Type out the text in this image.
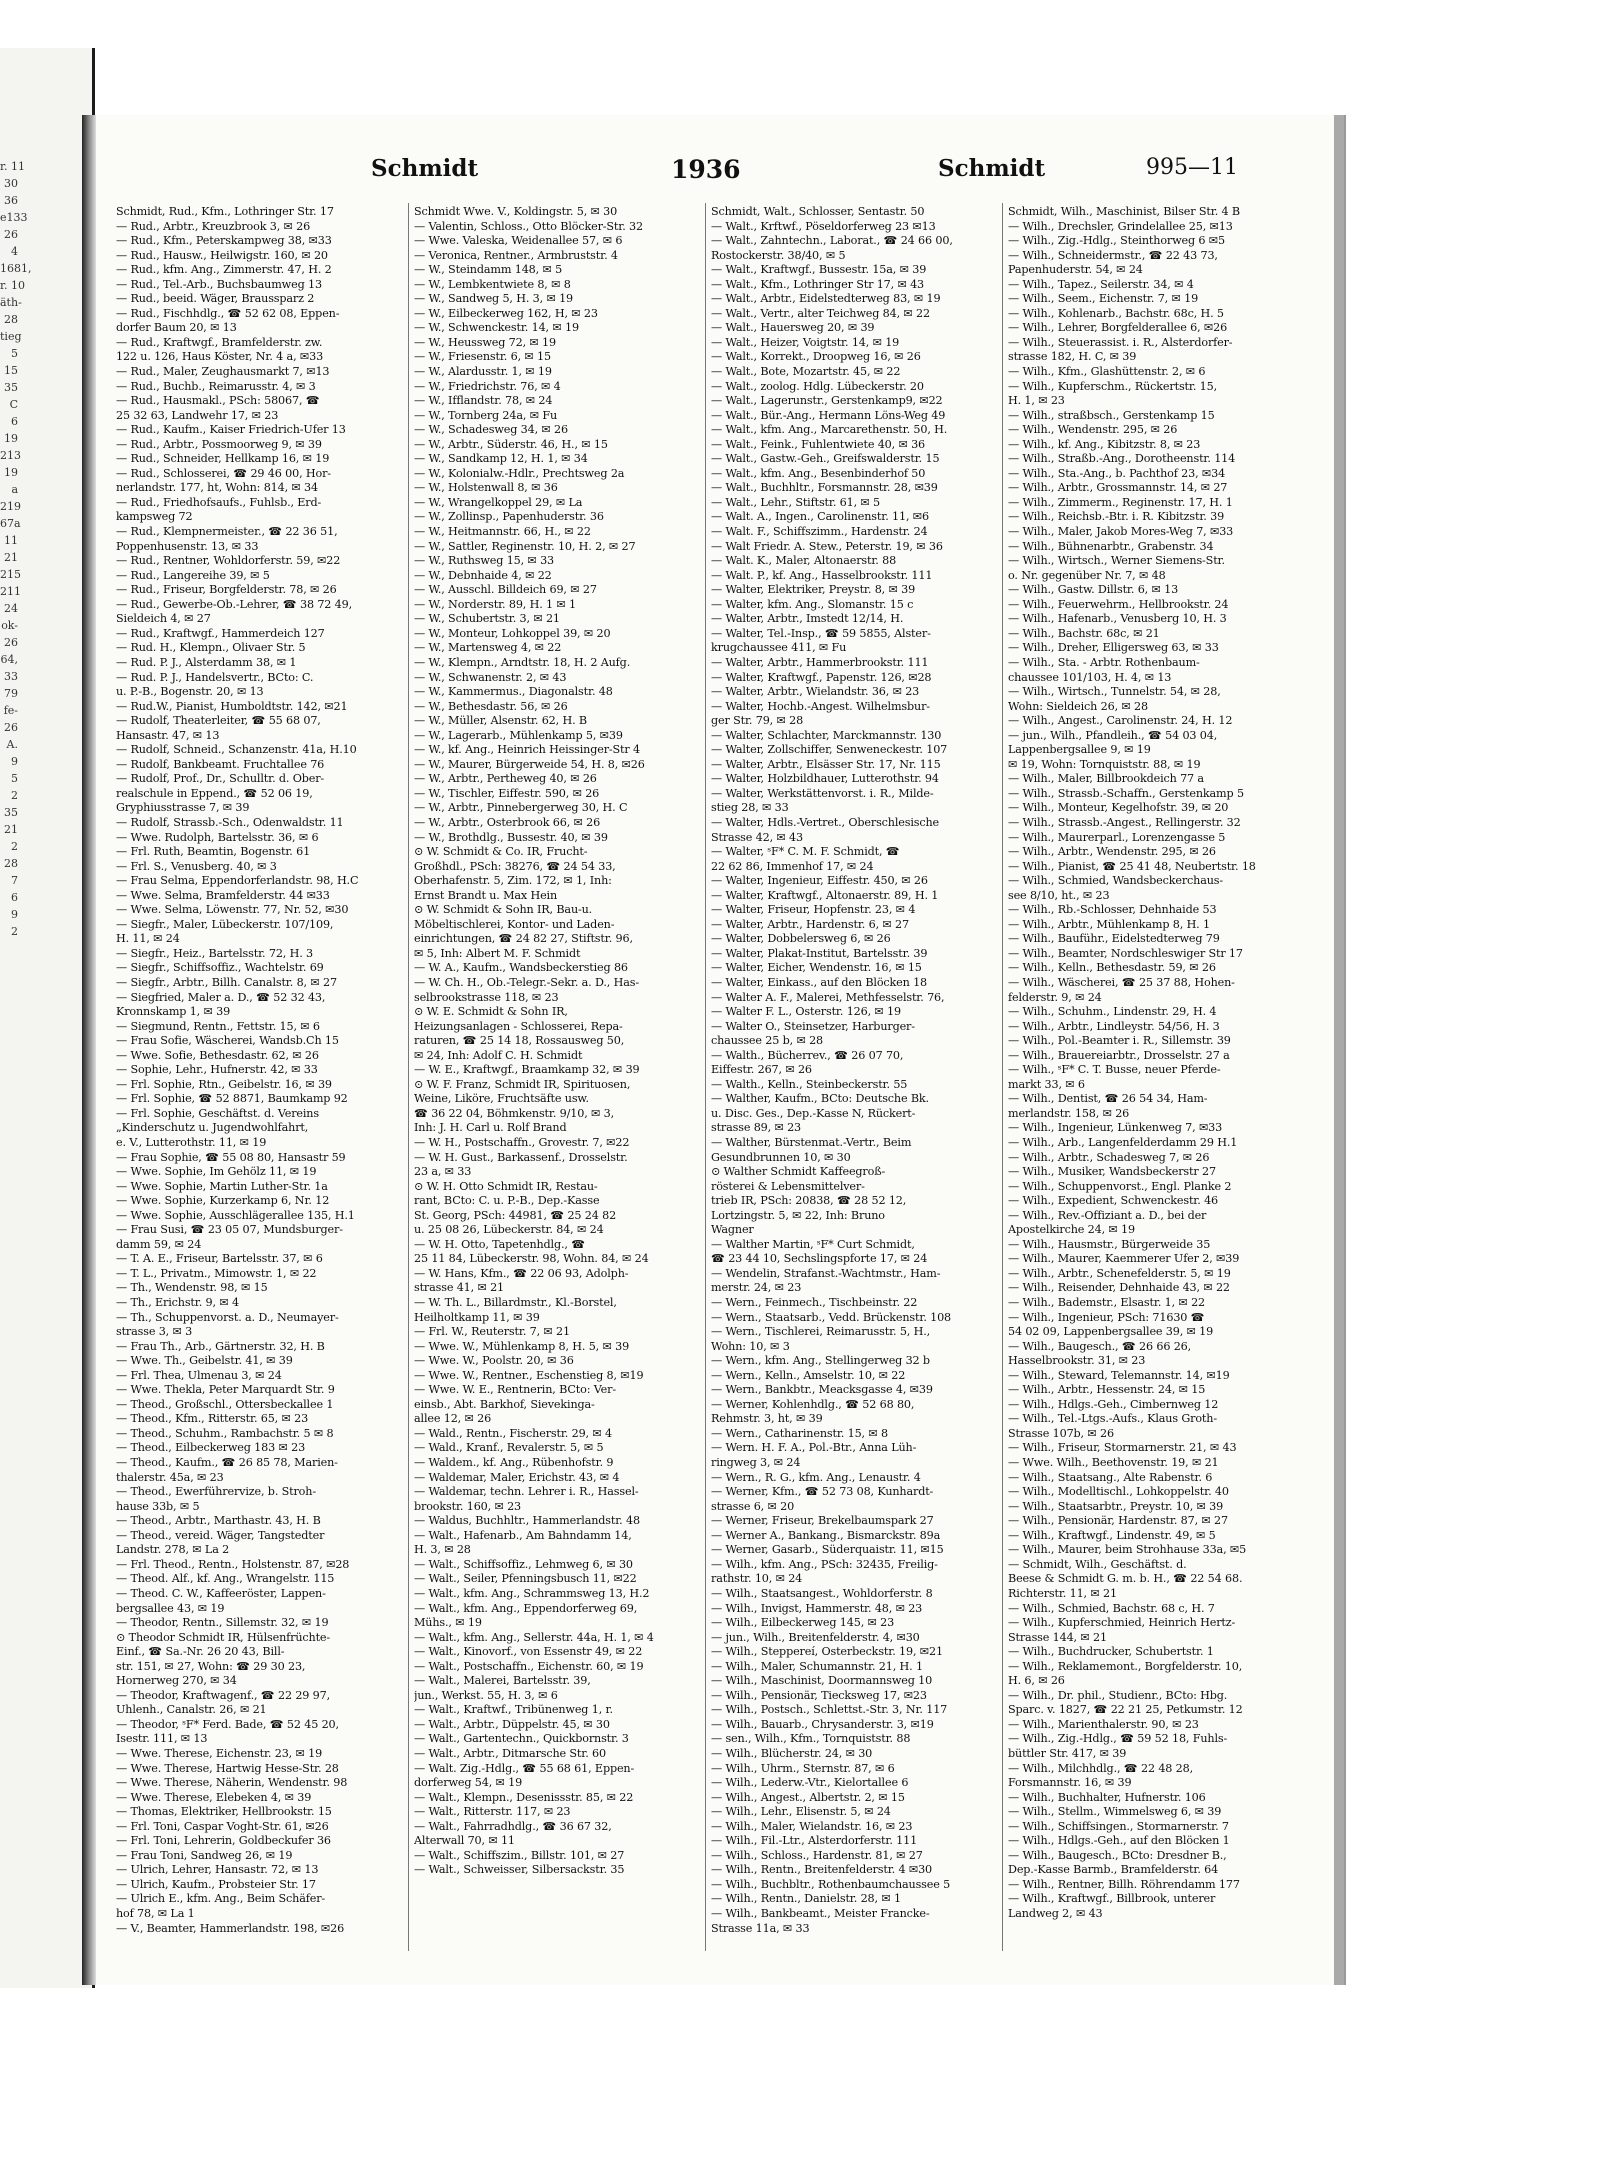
r. 11
30
36
e133
26
4
1681,
r. 10
äth-
28
tieg
5
15
35
C
6
19
213
19
a
219
67a
11
21
215
211
24
ok-
26
64,
33
79
fe-
26
A.
9
5
2
35
21
2
28
7
6
9
2
Schmidt	1936	Schmidt	995—11
Schmidt, Rud., Kfm., Lothringer Str. 17
— Rud., Arbtr., Kreuzbrook 3, ✉ 26
— Rud., Kfm., Peterskampweg 38, ✉33
— Rud., Hausw., Heilwigstr. 160, ✉ 20
— Rud., kfm. Ang., Zimmerstr. 47, H. 2
— Rud., Tel.-Arb., Buchsbaumweg 13
— Rud., beeid. Wäger, Braussparz 2
— Rud., Fischhdlg., ☎ 52 62 08, Eppen-
dorfer Baum 20, ✉ 13
— Rud., Kraftwgf., Bramfelderstr. zw.
122 u. 126, Haus Köster, Nr. 4 a, ✉33
— Rud., Maler, Zeughausmarkt 7, ✉13
— Rud., Buchb., Reimarusstr. 4, ✉ 3
— Rud., Hausmakl., PSch: 58067, ☎
25 32 63, Landwehr 17, ✉ 23
— Rud., Kaufm., Kaiser Friedrich-Ufer 13
— Rud., Arbtr., Possmoorweg 9, ✉ 39
— Rud., Schneider, Hellkamp 16, ✉ 19
— Rud., Schlosserei, ☎ 29 46 00, Hor-
nerlandstr. 177, ht, Wohn: 814, ✉ 34
— Rud., Friedhofsaufs., Fuhlsb., Erd-
kampsweg 72
— Rud., Klempnermeister., ☎ 22 36 51,
Poppenhusenstr. 13, ✉ 33
— Rud., Rentner, Wohldorferstr. 59, ✉22
— Rud., Langereihe 39, ✉ 5
— Rud., Friseur, Borgfelderstr. 78, ✉ 26
— Rud., Gewerbe-Ob.-Lehrer, ☎ 38 72 49,
Sieldeich 4, ✉ 27
— Rud., Kraftwgf., Hammerdeich 127
— Rud. H., Klempn., Olivaer Str. 5
— Rud. P. J., Alsterdamm 38, ✉ 1
— Rud. P. J., Handelsvertr., BCto: C.
u. P.-B., Bogenstr. 20, ✉ 13
— Rud.W., Pianist, Humboldtstr. 142, ✉21
— Rudolf, Theaterleiter, ☎ 55 68 07,
Hansastr. 47, ✉ 13
— Rudolf, Schneid., Schanzenstr. 41a, H.10
— Rudolf, Bankbeamt. Fruchtallee 76
— Rudolf, Prof., Dr., Schulltr. d. Ober-
realschule in Eppend., ☎ 52 06 19,
Gryphiusstrasse 7, ✉ 39
— Rudolf, Strassb.-Sch., Odenwaldstr. 11
— Wwe. Rudolph, Bartelsstr. 36, ✉ 6
— Frl. Ruth, Beamtin, Bogenstr. 61
— Frl. S., Venusberg. 40, ✉ 3
— Frau Selma, Eppendorferlandstr. 98, H.C
— Wwe. Selma, Bramfelderstr. 44 ✉33
— Wwe. Selma, Löwenstr. 77, Nr. 52, ✉30
— Siegfr., Maler, Lübeckerstr. 107/109,
H. 11, ✉ 24
— Siegfr., Heiz., Bartelsstr. 72, H. 3
— Siegfr., Schiffsoffiz., Wachtelstr. 69
— Siegfr., Arbtr., Billh. Canalstr. 8, ✉ 27
— Siegfried, Maler a. D., ☎ 52 32 43,
Kronnskamp 1, ✉ 39
— Siegmund, Rentn., Fettstr. 15, ✉ 6
— Frau Sofie, Wäscherei, Wandsb.Ch 15
— Wwe. Sofie, Bethesdastr. 62, ✉ 26
— Sophie, Lehr., Hufnerstr. 42, ✉ 33
— Frl. Sophie, Rtn., Geibelstr. 16, ✉ 39
— Frl. Sophie, ☎ 52 8871, Baumkamp 92
— Frl. Sophie, Geschäftst. d. Vereins
„Kinderschutz u. Jugendwohlfahrt,
e. V., Lutterothstr. 11, ✉ 19
— Frau Sophie, ☎ 55 08 80, Hansastr 59
— Wwe. Sophie, Im Gehölz 11, ✉ 19
— Wwe. Sophie, Martin Luther-Str. 1a
— Wwe. Sophie, Kurzerkamp 6, Nr. 12
— Wwe. Sophie, Ausschlägerallee 135, H.1
— Frau Susi, ☎ 23 05 07, Mundsburger-
damm 59, ✉ 24
— T. A. E., Friseur, Bartelsstr. 37, ✉ 6
— T. L., Privatm., Mimowstr. 1, ✉ 22
— Th., Wendenstr. 98, ✉ 15
— Th., Erichstr. 9, ✉ 4
— Th., Schuppenvorst. a. D., Neumayer-
strasse 3, ✉ 3
— Frau Th., Arb., Gärtnerstr. 32, H. B
— Wwe. Th., Geibelstr. 41, ✉ 39
— Frl. Thea, Ulmenau 3, ✉ 24
— Wwe. Thekla, Peter Marquardt Str. 9
— Theod., Großschl., Ottersbeckallee 1
— Theod., Kfm., Ritterstr. 65, ✉ 23
— Theod., Schuhm., Rambachstr. 5 ✉ 8
— Theod., Eilbeckerweg 183 ✉ 23
— Theod., Kaufm., ☎ 26 85 78, Marien-
thalerstr. 45a, ✉ 23
— Theod., Ewerführervize, b. Stroh-
hause 33b, ✉ 5
— Theod., Arbtr., Marthastr. 43, H. B
— Theod., vereid. Wäger, Tangstedter
Landstr. 278, ✉ La 2
— Frl. Theod., Rentn., Holstenstr. 87, ✉28
— Theod. Alf., kf. Ang., Wrangelstr. 115
— Theod. C. W., Kaffeeröster, Lappen-
bergsallee 43, ✉ 19
— Theodor, Rentn., Sillemstr. 32, ✉ 19
⊙ Theodor Schmidt IR, Hülsenfrüchte-
Einf., ☎ Sa.-Nr. 26 20 43, Bill-
str. 151, ✉ 27, Wohn: ☎ 29 30 23,
Hornerweg 270, ✉ 34
— Theodor, Kraftwagenf., ☎ 22 29 97,
Uhlenh., Canalstr. 26, ✉ 21
— Theodor, ˢF* Ferd. Bade, ☎ 52 45 20,
Isestr. 111, ✉ 13
— Wwe. Therese, Eichenstr. 23, ✉ 19
— Wwe. Therese, Hartwig Hesse-Str. 28
— Wwe. Therese, Näherin, Wendenstr. 98
— Wwe. Therese, Elebeken 4, ✉ 39
— Thomas, Elektriker, Hellbrookstr. 15
— Frl. Toni, Caspar Voght-Str. 61, ✉26
— Frl. Toni, Lehrerin, Goldbeckufer 36
— Frau Toni, Sandweg 26, ✉ 19
— Ulrich, Lehrer, Hansastr. 72, ✉ 13
— Ulrich, Kaufm., Probsteier Str. 17
— Ulrich E., kfm. Ang., Beim Schäfer-
hof 78, ✉ La 1
— V., Beamter, Hammerlandstr. 198, ✉26
Schmidt Wwe. V., Koldingstr. 5, ✉ 30
— Valentin, Schloss., Otto Blöcker-Str. 32
— Wwe. Valeska, Weidenallee 57, ✉ 6
— Veronica, Rentner., Armbruststr. 4
— W., Steindamm 148, ✉ 5
— W., Lembkentwiete 8, ✉ 8
— W., Sandweg 5, H. 3, ✉ 19
— W., Eilbeckerweg 162, H, ✉ 23
— W., Schwenckestr. 14, ✉ 19
— W., Heussweg 72, ✉ 19
— W., Friesenstr. 6, ✉ 15
— W., Alardusstr. 1, ✉ 19
— W., Friedrichstr. 76, ✉ 4
— W., Ifflandstr. 78, ✉ 24
— W., Tornberg 24a, ✉ Fu
— W., Schadesweg 34, ✉ 26
— W., Arbtr., Süderstr. 46, H., ✉ 15
— W., Sandkamp 12, H. 1, ✉ 34
— W., Kolonialw.-Hdlr., Prechtsweg 2a
— W., Holstenwall 8, ✉ 36
— W., Wrangelkoppel 29, ✉ La
— W., Zollinsp., Papenhuderstr. 36
— W., Heitmannstr. 66, H., ✉ 22
— W., Sattler, Reginenstr. 10, H. 2, ✉ 27
— W., Ruthsweg 15, ✉ 33
— W., Debnhaide 4, ✉ 22
— W., Ausschl. Billdeich 69, ✉ 27
— W., Norderstr. 89, H. 1 ✉ 1
— W., Schubertstr. 3, ✉ 21
— W., Monteur, Lohkoppel 39, ✉ 20
— W., Martensweg 4, ✉ 22
— W., Klempn., Arndtstr. 18, H. 2 Aufg.
— W., Schwanenstr. 2, ✉ 43
— W., Kammermus., Diagonalstr. 48
— W., Bethesdastr. 56, ✉ 26
— W., Müller, Alsenstr. 62, H. B
— W., Lagerarb., Mühlenkamp 5, ✉39
— W., kf. Ang., Heinrich Heissinger-Str 4
— W., Maurer, Bürgerweide 54, H. 8, ✉26
— W., Arbtr., Pertheweg 40, ✉ 26
— W., Tischler, Eiffestr. 590, ✉ 26
— W., Arbtr., Pinnebergerweg 30, H. C
— W., Arbtr., Osterbrook 66, ✉ 26
— W., Brothdlg., Bussestr. 40, ✉ 39
⊙ W. Schmidt & Co. IR, Frucht-
Großhdl., PSch: 38276, ☎ 24 54 33,
Oberhafenstr. 5, Zim. 172, ✉ 1, Inh:
Ernst Brandt u. Max Hein
⊙ W. Schmidt & Sohn IR, Bau-u.
Möbeltischlerei, Kontor- und Laden-
einrichtungen, ☎ 24 82 27, Stiftstr. 96,
✉ 5, Inh: Albert M. F. Schmidt
— W. A., Kaufm., Wandsbeckerstieg 86
— W. Ch. H., Ob.-Telegr.-Sekr. a. D., Has-
selbrookstrasse 118, ✉ 23
⊙ W. E. Schmidt & Sohn IR,
Heizungsanlagen - Schlosserei, Repa-
raturen, ☎ 25 14 18, Rossausweg 50,
✉ 24, Inh: Adolf C. H. Schmidt
— W. E., Kraftwgf., Braamkamp 32, ✉ 39
⊙ W. F. Franz, Schmidt IR, Spirituosen,
Weine, Liköre, Fruchtsäfte usw.
☎ 36 22 04, Böhmkenstr. 9/10, ✉ 3,
Inh: J. H. Carl u. Rolf Brand
— W. H., Postschaffn., Grovestr. 7, ✉22
— W. H. Gust., Barkassenf., Drosselstr.
23 a, ✉ 33
⊙ W. H. Otto Schmidt IR, Restau-
rant, BCto: C. u. P.-B., Dep.-Kasse
St. Georg, PSch: 44981, ☎ 25 24 82
u. 25 08 26, Lübeckerstr. 84, ✉ 24
— W. H. Otto, Tapetenhdlg., ☎
25 11 84, Lübeckerstr. 98, Wohn. 84, ✉ 24
— W. Hans, Kfm., ☎ 22 06 93, Adolph-
strasse 41, ✉ 21
— W. Th. L., Billardmstr., Kl.-Borstel,
Heilholtkamp 11, ✉ 39
— Frl. W., Reuterstr. 7, ✉ 21
— Wwe. W., Mühlenkamp 8, H. 5, ✉ 39
— Wwe. W., Poolstr. 20, ✉ 36
— Wwe. W., Rentner., Eschenstieg 8, ✉19
— Wwe. W. E., Rentnerin, BCto: Ver-
einsb., Abt. Barkhof, Sievekinga-
allee 12, ✉ 26
— Wald., Rentn., Fischerstr. 29, ✉ 4
— Wald., Kranf., Revalerstr. 5, ✉ 5
— Waldem., kf. Ang., Rübenhofstr. 9
— Waldemar, Maler, Erichstr. 43, ✉ 4
— Waldemar, techn. Lehrer i. R., Hassel-
brookstr. 160, ✉ 23
— Waldus, Buchhltr., Hammerlandstr. 48
— Walt., Hafenarb., Am Bahndamm 14,
H. 3, ✉ 28
— Walt., Schiffsoffiz., Lehmweg 6, ✉ 30
— Walt., Seiler, Pfenningsbusch 11, ✉22
— Walt., kfm. Ang., Schrammsweg 13, H.2
— Walt., kfm. Ang., Eppendorferweg 69,
Mühs., ✉ 19
— Walt., kfm. Ang., Sellerstr. 44a, H. 1, ✉ 4
— Walt., Kinovorf., von Essenstr 49, ✉ 22
— Walt., Postschaffn., Eichenstr. 60, ✉ 19
— Walt., Malerei, Bartelsstr. 39,
jun., Werkst. 55, H. 3, ✉ 6
— Walt., Kraftwf., Tribünenweg 1, r.
— Walt., Arbtr., Düppelstr. 45, ✉ 30
— Walt., Gartentechn., Quickbornstr. 3
— Walt., Arbtr., Ditmarsche Str. 60
— Walt. Zig.-Hdlg., ☎ 55 68 61, Eppen-
dorferweg 54, ✉ 19
— Walt., Klempn., Desenissstr. 85, ✉ 22
— Walt., Ritterstr. 117, ✉ 23
— Walt., Fahrradhdlg., ☎ 36 67 32,
Alterwall 70, ✉ 11
— Walt., Schiffszim., Billstr. 101, ✉ 27
— Walt., Schweisser, Silbersackstr. 35
Schmidt, Walt., Schlosser, Sentastr. 50
— Walt., Krftwf., Pöseldorferweg 23 ✉13
— Walt., Zahntechn., Laborat., ☎ 24 66 00,
Rostockerstr. 38/40, ✉ 5
— Walt., Kraftwgf., Bussestr. 15a, ✉ 39
— Walt., Kfm., Lothringer Str 17, ✉ 43
— Walt., Arbtr., Eidelstedterweg 83, ✉ 19
— Walt., Vertr., alter Teichweg 84, ✉ 22
— Walt., Hauersweg 20, ✉ 39
— Walt., Heizer, Voigtstr. 14, ✉ 19
— Walt., Korrekt., Droopweg 16, ✉ 26
— Walt., Bote, Mozartstr. 45, ✉ 22
— Walt., zoolog. Hdlg. Lübeckerstr. 20
— Walt., Lagerunstr., Gerstenkamp9, ✉22
— Walt., Bür.-Ang., Hermann Löns-Weg 49
— Walt., kfm. Ang., Marcarethenstr. 50, H.
— Walt., Feink., Fuhlentwiete 40, ✉ 36
— Walt., Gastw.-Geh., Greifswalderstr. 15
— Walt., kfm. Ang., Besenbinderhof 50
— Walt., Buchhltr., Forsmannstr. 28, ✉39
— Walt., Lehr., Stiftstr. 61, ✉ 5
— Walt. A., Ingen., Carolinenstr. 11, ✉6
— Walt. F., Schiffszimm., Hardenstr. 24
— Walt Friedr. A. Stew., Peterstr. 19, ✉ 36
— Walt. K., Maler, Altonaerstr. 88
— Walt. P., kf. Ang., Hasselbrookstr. 111
— Walter, Elektriker, Preystr. 8, ✉ 39
— Walter, kfm. Ang., Slomanstr. 15 c
— Walter, Arbtr., Imstedt 12/14, H.
— Walter, Tel.-Insp., ☎ 59 5855, Alster-
krugchaussee 411, ✉ Fu
— Walter, Arbtr., Hammerbrookstr. 111
— Walter, Kraftwgf., Papenstr. 126, ✉28
— Walter, Arbtr., Wielandstr. 36, ✉ 23
— Walter, Hochb.-Angest. Wilhelmsbur-
ger Str. 79, ✉ 28
— Walter, Schlachter, Marckmannstr. 130
— Walter, Zollschiffer, Senweneckestr. 107
— Walter, Arbtr., Elsässer Str. 17, Nr. 115
— Walter, Holzbildhauer, Lutterothstr. 94
— Walter, Werkstättenvorst. i. R., Milde-
stieg 28, ✉ 33
— Walter, Hdls.-Vertret., Oberschlesische
Strasse 42, ✉ 43
— Walter, ˢF* C. M. F. Schmidt, ☎
22 62 86, Immenhof 17, ✉ 24
— Walter, Ingenieur, Eiffestr. 450, ✉ 26
— Walter, Kraftwgf., Altonaerstr. 89, H. 1
— Walter, Friseur, Hopfenstr. 23, ✉ 4
— Walter, Arbtr., Hardenstr. 6, ✉ 27
— Walter, Dobbelersweg 6, ✉ 26
— Walter, Plakat-Institut, Bartelsstr. 39
— Walter, Eicher, Wendenstr. 16, ✉ 15
— Walter, Einkass., auf den Blöcken 18
— Walter A. F., Malerei, Methfesselstr. 76,
— Walter F. L., Osterstr. 126, ✉ 19
— Walter O., Steinsetzer, Harburger-
chaussee 25 b, ✉ 28
— Walth., Bücherrev., ☎ 26 07 70,
Eiffestr. 267, ✉ 26
— Walth., Kelln., Steinbeckerstr. 55
— Walther, Kaufm., BCto: Deutsche Bk.
u. Disc. Ges., Dep.-Kasse N, Rückert-
strasse 89, ✉ 23
— Walther, Bürstenmat.-Vertr., Beim
Gesundbrunnen 10, ✉ 30
⊙ Walther Schmidt Kaffeegroß-
rösterei & Lebensmittelver-
trieb IR, PSch: 20838, ☎ 28 52 12,
Lortzingstr. 5, ✉ 22, Inh: Bruno
Wagner
— Walther Martin, ˢF* Curt Schmidt,
☎ 23 44 10, Sechslingspforte 17, ✉ 24
— Wendelin, Strafanst.-Wachtmstr., Ham-
merstr. 24, ✉ 23
— Wern., Feinmech., Tischbeinstr. 22
— Wern., Staatsarb., Vedd. Brückenstr. 108
— Wern., Tischlerei, Reimarusstr. 5, H.,
Wohn: 10, ✉ 3
— Wern., kfm. Ang., Stellingerweg 32 b
— Wern., Kelln., Amselstr. 10, ✉ 22
— Wern., Bankbtr., Meacksgasse 4, ✉39
— Werner, Kohlenhdlg., ☎ 52 68 80,
Rehmstr. 3, ht, ✉ 39
— Wern., Catharinenstr. 15, ✉ 8
— Wern. H. F. A., Pol.-Btr., Anna Lüh-
ringweg 3, ✉ 24
— Wern., R. G., kfm. Ang., Lenaustr. 4
— Werner, Kfm., ☎ 52 73 08, Kunhardt-
strasse 6, ✉ 20
— Werner, Friseur, Brekelbaumspark 27
— Werner A., Bankang., Bismarckstr. 89a
— Werner, Gasarb., Süderquaistr. 11, ✉15
— Wilh., kfm. Ang., PSch: 32435, Freilig-
rathstr. 10, ✉ 24
— Wilh., Staatsangest., Wohldorferstr. 8
— Wilh., Invigst, Hammerstr. 48, ✉ 23
— Wilh., Eilbeckerweg 145, ✉ 23
— jun., Wilh., Breitenfelderstr. 4, ✉30
— Wilh., Steppereí, Osterbeckstr. 19, ✉21
— Wilh., Maler, Schumannstr. 21, H. 1
— Wilh., Maschinist, Doormannsweg 10
— Wilh., Pensionär, Tiecksweg 17, ✉23
— Wilh., Postsch., Schlettst.-Str. 3, Nr. 117
— Wilh., Bauarb., Chrysanderstr. 3, ✉19
— sen., Wilh., Kfm., Tornquiststr. 88
— Wilh., Blücherstr. 24, ✉ 30
— Wilh., Uhrm., Sternstr. 87, ✉ 6
— Wilh., Lederw.-Vtr., Kielortallee 6
— Wilh., Angest., Albertstr. 2, ✉ 15
— Wilh., Lehr., Elisenstr. 5, ✉ 24
— Wilh., Maler, Wielandstr. 16, ✉ 23
— Wilh., Fil.-Ltr., Alsterdorferstr. 111
— Wilh., Schloss., Hardenstr. 81, ✉ 27
— Wilh., Rentn., Breitenfelderstr. 4 ✉30
— Wilh., Buchbltr., Rothenbaumchaussee 5
— Wilh., Rentn., Danielstr. 28, ✉ 1
— Wilh., Bankbeamt., Meister Francke-
Strasse 11a, ✉ 33
Schmidt, Wilh., Maschinist, Bilser Str. 4 B
— Wilh., Drechsler, Grindelallee 25, ✉13
— Wilh., Zig.-Hdlg., Steinthorweg 6 ✉5
— Wilh., Schneidermstr., ☎ 22 43 73,
Papenhuderstr. 54, ✉ 24
— Wilh., Tapez., Seilerstr. 34, ✉ 4
— Wilh., Seem., Eichenstr. 7, ✉ 19
— Wilh., Kohlenarb., Bachstr. 68c, H. 5
— Wilh., Lehrer, Borgfelderallee 6, ✉26
— Wilh., Steuerassist. i. R., Alsterdorfer-
strasse 182, H. C, ✉ 39
— Wilh., Kfm., Glashüttenstr. 2, ✉ 6
— Wilh., Kupferschm., Rückertstr. 15,
H. 1, ✉ 23
— Wilh., straßbsch., Gerstenkamp 15
— Wilh., Wendenstr. 295, ✉ 26
— Wilh., kf. Ang., Kibitzstr. 8, ✉ 23
— Wilh., Straßb.-Ang., Dorotheenstr. 114
— Wilh., Sta.-Ang., b. Pachthof 23, ✉34
— Wilh., Arbtr., Grossmannstr. 14, ✉ 27
— Wilh., Zimmerm., Reginenstr. 17, H. 1
— Wilh., Reichsb.-Btr. i. R. Kibitzstr. 39
— Wilh., Maler, Jakob Mores-Weg 7, ✉33
— Wilh., Bühnenarbtr., Grabenstr. 34
— Wilh., Wirtsch., Werner Siemens-Str.
o. Nr. gegenüber Nr. 7, ✉ 48
— Wilh., Gastw. Dillstr. 6, ✉ 13
— Wilh., Feuerwehrm., Hellbrookstr. 24
— Wilh., Hafenarb., Venusberg 10, H. 3
— Wilh., Bachstr. 68c, ✉ 21
— Wilh., Dreher, Elligersweg 63, ✉ 33
— Wilh., Sta. - Arbtr. Rothenbaum-
chaussee 101/103, H. 4, ✉ 13
— Wilh., Wirtsch., Tunnelstr. 54, ✉ 28,
Wohn: Sieldeich 26, ✉ 28
— Wilh., Angest., Carolinenstr. 24, H. 12
— jun., Wilh., Pfandleih., ☎ 54 03 04,
Lappenbergsallee 9, ✉ 19
✉ 19, Wohn: Tornquiststr. 88, ✉ 19
— Wilh., Maler, Billbrookdeich 77 a
— Wilh., Strassb.-Schaffn., Gerstenkamp 5
— Wilh., Monteur, Kegelhofstr. 39, ✉ 20
— Wilh., Strassb.-Angest., Rellingerstr. 32
— Wilh., Maurerparl., Lorenzengasse 5
— Wilh., Arbtr., Wendenstr. 295, ✉ 26
— Wilh., Pianist, ☎ 25 41 48, Neubertstr. 18
— Wilh., Schmied, Wandsbeckerchaus-
see 8/10, ht., ✉ 23
— Wilh., Rb.-Schlosser, Dehnhaide 53
— Wilh., Arbtr., Mühlenkamp 8, H. 1
— Wilh., Bauführ., Eidelstedterweg 79
— Wilh., Beamter, Nordschleswiger Str 17
— Wilh., Kelln., Bethesdastr. 59, ✉ 26
— Wilh., Wäscherei, ☎ 25 37 88, Hohen-
felderstr. 9, ✉ 24
— Wilh., Schuhm., Lindenstr. 29, H. 4
— Wilh., Arbtr., Lindleystr. 54/56, H. 3
— Wilh., Pol.-Beamter i. R., Sillemstr. 39
— Wilh., Brauereiarbtr., Drosselstr. 27 a
— Wilh., ˢF* C. T. Busse, neuer Pferde-
markt 33, ✉ 6
— Wilh., Dentist, ☎ 26 54 34, Ham-
merlandstr. 158, ✉ 26
— Wilh., Ingenieur, Lünkenweg 7, ✉33
— Wilh., Arb., Langenfelderdamm 29 H.1
— Wilh., Arbtr., Schadesweg 7, ✉ 26
— Wilh., Musiker, Wandsbeckerstr 27
— Wilh., Schuppenvorst., Engl. Planke 2
— Wilh., Expedient, Schwenckestr. 46
— Wilh., Rev.-Offiziant a. D., bei der
Apostelkirche 24, ✉ 19
— Wilh., Hausmstr., Bürgerweide 35
— Wilh., Maurer, Kaemmerer Ufer 2, ✉39
— Wilh., Arbtr., Schenefelderstr. 5, ✉ 19
— Wilh., Reisender, Dehnhaide 43, ✉ 22
— Wilh., Bademstr., Elsastr. 1, ✉ 22
— Wilh., Ingenieur, PSch: 71630 ☎
54 02 09, Lappenbergsallee 39, ✉ 19
— Wilh., Baugesch., ☎ 26 66 26,
Hasselbrookstr. 31, ✉ 23
— Wilh., Steward, Telemannstr. 14, ✉19
— Wilh., Arbtr., Hessenstr. 24, ✉ 15
— Wilh., Hdlgs.-Geh., Cimbernweg 12
— Wilh., Tel.-Ltgs.-Aufs., Klaus Groth-
Strasse 107b, ✉ 26
— Wilh., Friseur, Stormarnerstr. 21, ✉ 43
— Wwe. Wilh., Beethovenstr. 19, ✉ 21
— Wilh., Staatsang., Alte Rabenstr. 6
— Wilh., Modelltischl., Lohkoppelstr. 40
— Wilh., Staatsarbtr., Preystr. 10, ✉ 39
— Wilh., Pensionär, Hardenstr. 87, ✉ 27
— Wilh., Kraftwgf., Lindenstr. 49, ✉ 5
— Wilh., Maurer, beim Strohhause 33a, ✉5
— Schmidt, Wilh., Geschäftst. d.
Beese & Schmidt G. m. b. H., ☎ 22 54 68.
Richterstr. 11, ✉ 21
— Wilh., Schmied, Bachstr. 68 c, H. 7
— Wilh., Kupferschmied, Heinrich Hertz-
Strasse 144, ✉ 21
— Wilh., Buchdrucker, Schubertstr. 1
— Wilh., Reklamemont., Borgfelderstr. 10,
H. 6, ✉ 26
— Wilh., Dr. phil., Studienr., BCto: Hbg.
Sparc. v. 1827, ☎ 22 21 25, Petkumstr. 12
— Wilh., Marienthalerstr. 90, ✉ 23
— Wilh., Zig.-Hdlg., ☎ 59 52 18, Fuhls-
büttler Str. 417, ✉ 39
— Wilh., Milchhdlg., ☎ 22 48 28,
Forsmannstr. 16, ✉ 39
— Wilh., Buchhalter, Hufnerstr. 106
— Wilh., Stellm., Wimmelsweg 6, ✉ 39
— Wilh., Schiffsingen., Stormarnerstr. 7
— Wilh., Hdlgs.-Geh., auf den Blöcken 1
— Wilh., Baugesch., BCto: Dresdner B.,
Dep.-Kasse Barmb., Bramfelderstr. 64
— Wilh., Rentner, Billh. Röhrendamm 177
— Wilh., Kraftwgf., Billbrook, unterer
Landweg 2, ✉ 43
